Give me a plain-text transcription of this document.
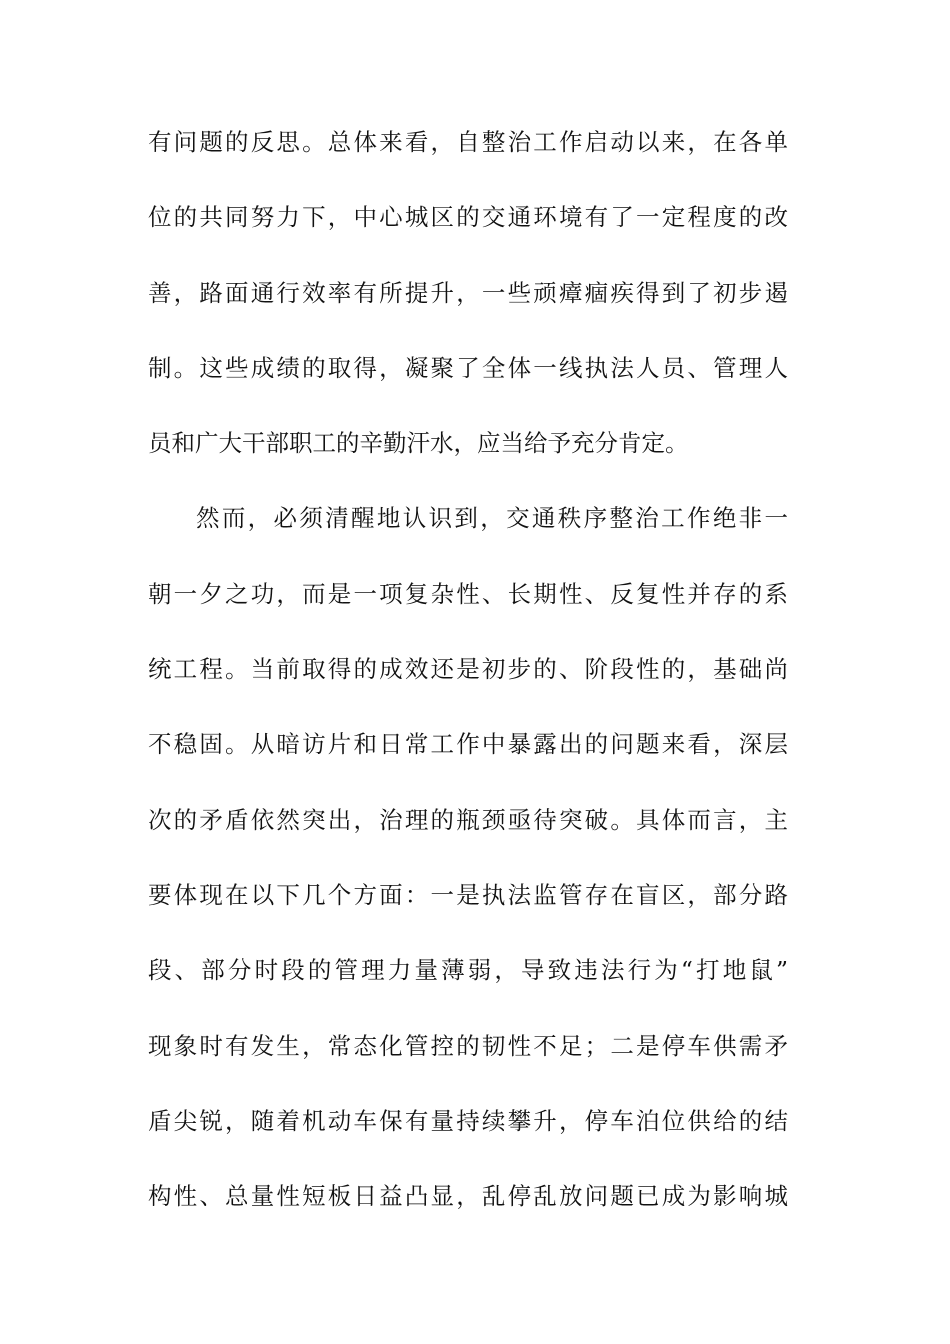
有问题的反思。总体来看，自整治工作启动以来，在各单
位的共同努力下，中心城区的交通环境有了一定程度的改
善，路面通行效率有所提升，一些顽瘴痼疾得到了初步遏
制。这些成绩的取得，凝聚了全体一线执法人员、管理人
员和广大干部职工的辛勤汗水，应当给予充分肯定。
然而，必须清醒地认识到，交通秩序整治工作绝非一
朝一夕之功，而是一项复杂性、长期性、反复性并存的系
统工程。当前取得的成效还是初步的、阶段性的，基础尚
不稳固。从暗访片和日常工作中暴露出的问题来看，深层
次的矛盾依然突出，治理的瓶颈亟待突破。具体而言，主
要体现在以下几个方面：一是执法监管存在盲区，部分路
段、部分时段的管理力量薄弱，导致违法行为“打地鼠”
现象时有发生，常态化管控的韧性不足；二是停车供需矛
盾尖锐，随着机动车保有量持续攀升，停车泊位供给的结
构性、总量性短板日益凸显，乱停乱放问题已成为影响城
